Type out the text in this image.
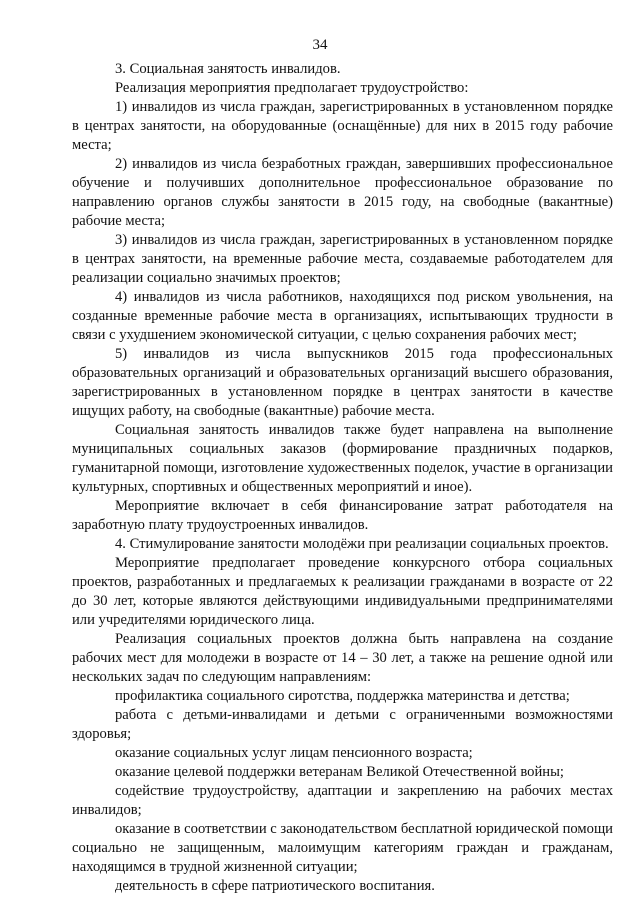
34

3. Социальная занятость инвалидов.

Реализация мероприятия предполагает трудоустройство:

1) инвалидов из числа граждан, зарегистрированных в установленном порядке в центрах занятости, на оборудованные (оснащённые) для них в 2015 году рабочие места;

2) инвалидов из числа безработных граждан, завершивших профессиональное обучение и получивших дополнительное профессиональное образование по направлению органов службы занятости в 2015 году, на свободные (вакантные) рабочие места;

3) инвалидов из числа граждан, зарегистрированных в установленном порядке в центрах занятости, на временные рабочие места, создаваемые работодателем для реализации социально значимых проектов;

4) инвалидов из числа работников, находящихся под риском увольнения, на созданные временные рабочие места в организациях, испытывающих трудности в связи с ухудшением экономической ситуации, с целью сохранения рабочих мест;

5) инвалидов из числа выпускников 2015 года профессиональных образовательных организаций и образовательных организаций высшего образования, зарегистрированных в установленном порядке в центрах занятости в качестве ищущих работу, на свободные (вакантные) рабочие места.

Социальная занятость инвалидов также будет направлена на выполнение муниципальных социальных заказов (формирование праздничных подарков, гуманитарной помощи, изготовление художественных поделок, участие в организации культурных, спортивных и общественных мероприятий и иное).

Мероприятие включает в себя финансирование затрат работодателя на заработную плату трудоустроенных инвалидов.

4. Стимулирование занятости молодёжи при реализации социальных проектов.

Мероприятие предполагает проведение конкурсного отбора социальных проектов, разработанных и предлагаемых к реализации гражданами в возрасте от 22 до 30 лет, которые являются действующими индивидуальными предпринимателями или учредителями юридического лица.

Реализация социальных проектов должна быть направлена на создание рабочих мест для молодежи в возрасте от 14 – 30 лет, а также на решение одной или нескольких задач по следующим направлениям:

профилактика социального сиротства, поддержка материнства и детства;

работа с детьми-инвалидами и детьми с ограниченными возможностями здоровья;

оказание социальных услуг лицам пенсионного возраста;

оказание целевой поддержки ветеранам Великой Отечественной войны;

содействие трудоустройству, адаптации и закреплению на рабочих местах инвалидов;

оказание в соответствии с законодательством бесплатной юридической помощи социально не защищенным, малоимущим категориям граждан и гражданам, находящимся в трудной жизненной ситуации;

деятельность в сфере патриотического воспитания.
